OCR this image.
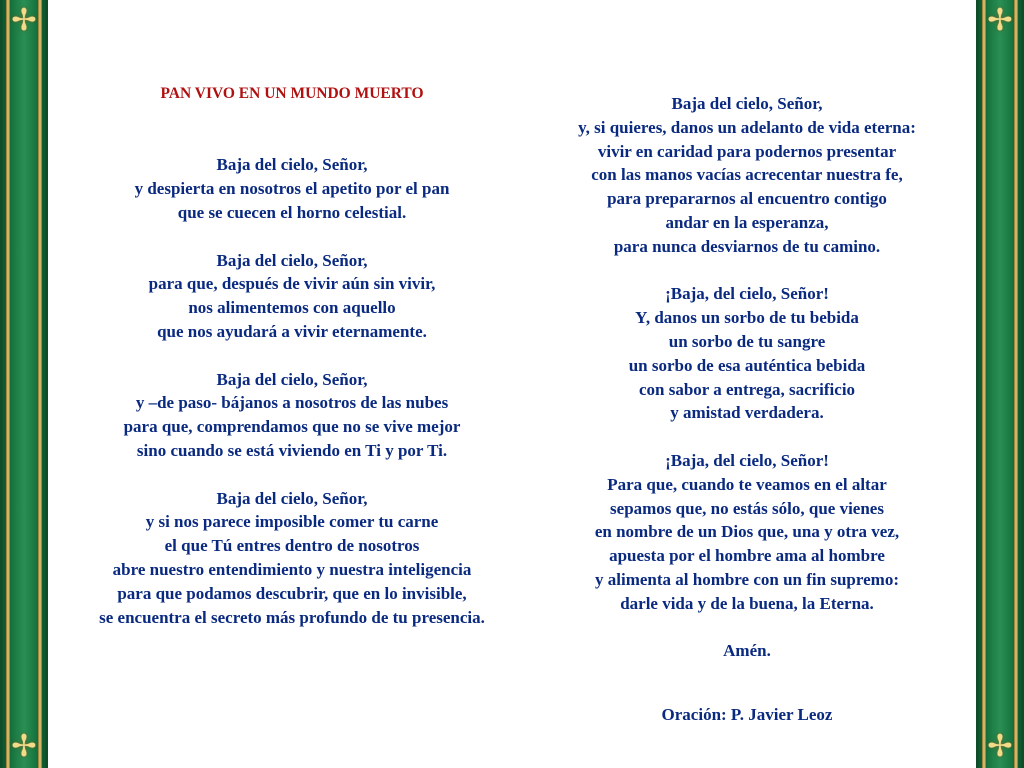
✢
✢
✢
✢
PAN VIVO EN UN MUNDO MUERTO
Baja del cielo, Señor,
y despierta en nosotros el apetito por el pan
que se cuecen el horno celestial.
Baja del cielo, Señor,
para que, después de vivir aún sin vivir,
nos alimentemos con aquello
que nos ayudará a vivir eternamente.
Baja del cielo, Señor,
y –de paso- bájanos a nosotros de las nubes
para que, comprendamos que no se vive mejor
sino cuando se está viviendo en Ti y por Ti.
Baja del cielo, Señor,
y si nos parece imposible comer tu carne
el que Tú entres dentro de nosotros
abre nuestro entendimiento y nuestra inteligencia
para que podamos descubrir, que en lo invisible,
se encuentra el secreto más profundo de tu presencia.
Baja del cielo, Señor,
y, si quieres, danos un adelanto de vida eterna:
vivir en caridad para podernos presentar
con las manos vacías acrecentar nuestra fe,
para prepararnos al encuentro contigo
andar en la esperanza,
para nunca desviarnos de tu camino.
¡Baja, del cielo, Señor!
Y, danos un sorbo de tu bebida
un sorbo de tu sangre
un sorbo de esa auténtica bebida
con sabor a entrega, sacrificio
y amistad verdadera.
¡Baja, del cielo, Señor!
Para que, cuando te veamos en el altar
sepamos que, no estás sólo, que vienes
en nombre de un Dios que, una y otra vez,
apuesta por el hombre ama al hombre
y alimenta al hombre con un fin supremo:
darle vida y de la buena, la Eterna.
Amén.
Oración: P. Javier Leoz
